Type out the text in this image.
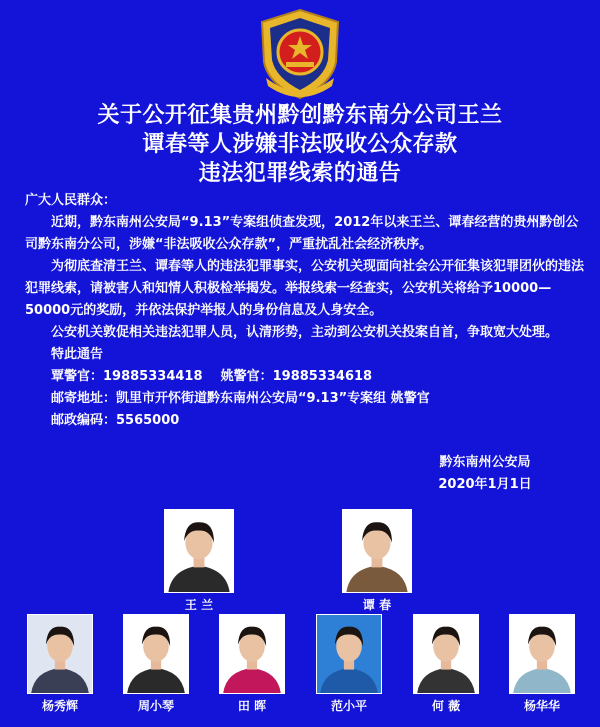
关于公开征集贵州黔创黔东南分公司王兰
谭春等人涉嫌非法吸收公众存款
违法犯罪线索的通告

广大人民群众：

近期，黔东南州公安局“9.13”专案组侦查发现，2012年以来王兰、谭春经营的贵州黔创公司黔东南分公司，涉嫌“非法吸收公众存款”，严重扰乱社会经济秩序。

为彻底查清王兰、谭春等人的违法犯罪事实，公安机关现面向社会公开征集该犯罪团伙的违法犯罪线索，请被害人和知情人积极检举揭发。举报线索一经查实，公安机关将给予10000—50000元的奖励，并依法保护举报人的身份信息及人身安全。

公安机关敦促相关违法犯罪人员，认清形势，主动到公安机关投案自首，争取宽大处理。

特此通告

覃警官：19885334418    姚警官：19885334618

邮寄地址：凯里市开怀街道黔东南州公安局“9.13”专案组 姚警官

邮政编码：5565000

黔东南州公安局
2020年1月1日
王 兰	谭 春
杨秀辉	周小琴	田 晖	范小平	何 薇	杨华华
